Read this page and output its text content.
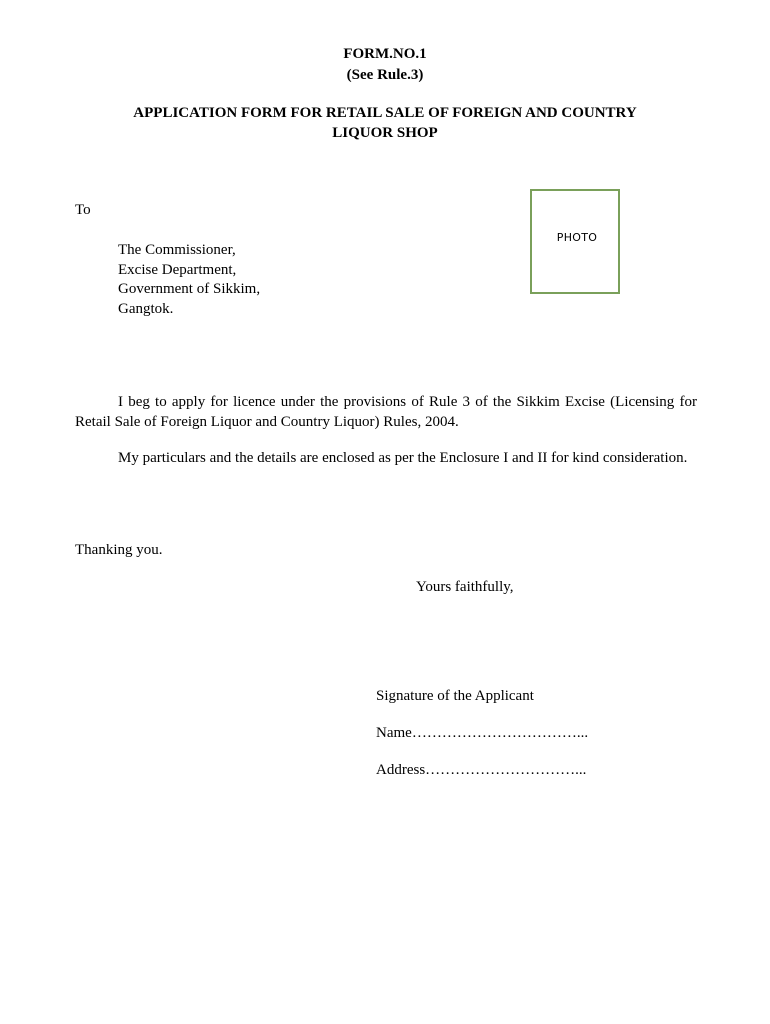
FORM.NO.1
(See Rule.3)
APPLICATION FORM FOR RETAIL SALE OF FOREIGN AND COUNTRY
LIQUOR SHOP
To
The Commissioner,
Excise Department,
Government of Sikkim,
Gangtok.
PHOTO
I beg to apply for licence under the provisions of Rule 3 of the Sikkim Excise (Licensing for Retail Sale of Foreign Liquor and Country Liquor) Rules, 2004.
My particulars and the details are enclosed as per the Enclosure I and II for kind consideration.
Thanking you.
Yours faithfully,
Signature of the Applicant
Name……………………………...
Address…………………………...
